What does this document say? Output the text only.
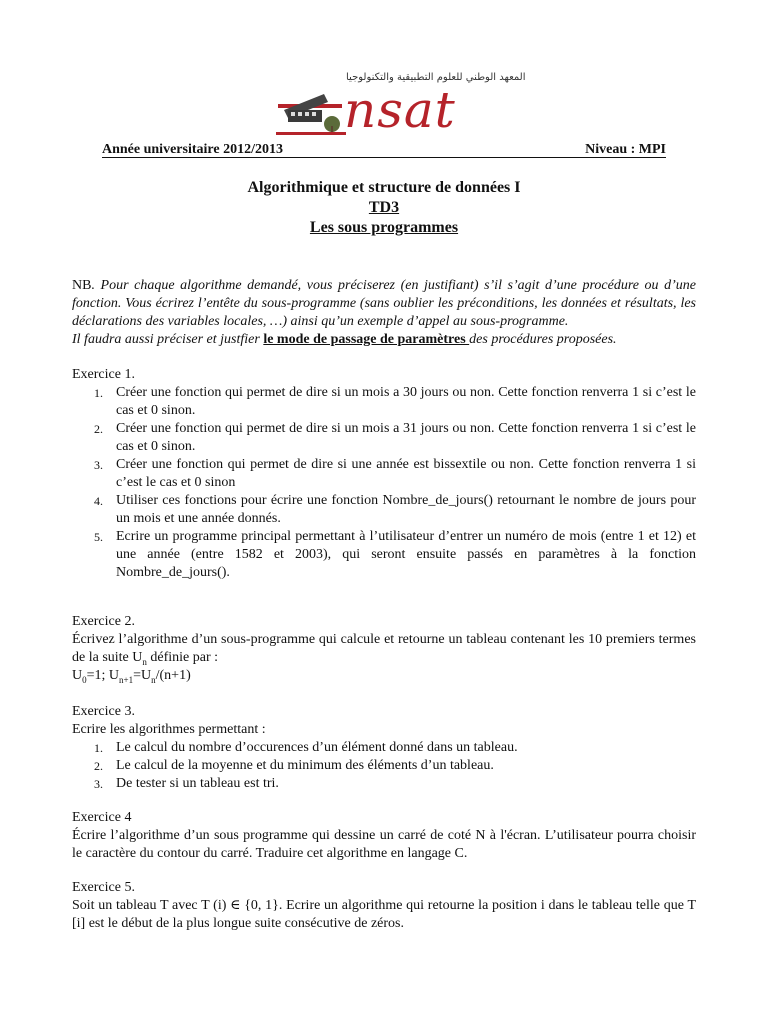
المعهد الوطني للعلوم التطبيقية والتكنولوجيا
nsat
Année universitaire 2012/2013	Niveau : MPI
Algorithmique et structure de données I
TD3
Les sous programmes
NB. Pour chaque algorithme demandé, vous préciserez (en justifiant) s’il s’agit d’une procédure ou d’une fonction. Vous écrirez l’entête du sous-programme (sans oublier les préconditions, les données et résultats, les déclarations des variables locales, …) ainsi qu’un exemple d’appel au sous-programme.
Il faudra aussi préciser et justfier le mode de passage de paramètres des procédures proposées.
Exercice 1.
1. Créer une fonction qui permet de dire si un mois a 30 jours ou non. Cette fonction renverra 1 si c’est le cas et 0 sinon.
2. Créer une fonction qui permet de dire si un mois a 31 jours ou non. Cette fonction renverra 1 si c’est le cas et 0 sinon.
3. Créer une fonction qui permet de dire si une année est bissextile ou non. Cette fonction renverra 1 si c’est le cas et 0 sinon
4. Utiliser ces fonctions pour écrire une fonction Nombre_de_jours() retournant le nombre de jours pour un mois et une année donnés.
5. Ecrire un programme principal permettant à l’utilisateur d’entrer un numéro de mois (entre 1 et 12) et une année (entre 1582 et 2003), qui seront ensuite passés en paramètres à la fonction Nombre_de_jours().
Exercice 2.
Écrivez l’algorithme d’un sous-programme qui calcule et retourne un tableau contenant les 10 premiers termes de la suite $U_n$ définie par :
$U_0=1$; $U_{n+1}=U_n/(n+1)$
Exercice 3.
Ecrire les algorithmes permettant :
1. Le calcul du nombre d’occurences d’un élément donné dans un tableau.
2. Le calcul de la moyenne et du minimum des éléments d’un tableau.
3. De tester si un tableau est tri.
Exercice 4
Écrire l’algorithme d’un sous programme qui dessine un carré de coté N à l'écran. L’utilisateur pourra choisir le caractère du contour du carré. Traduire cet algorithme en langage C.
Exercice 5.
Soit un tableau T avec T (i) ∈ {0, 1}. Ecrire un algorithme qui retourne la position i dans le tableau telle que T [i] est le début de la plus longue suite consécutive de zéros.
